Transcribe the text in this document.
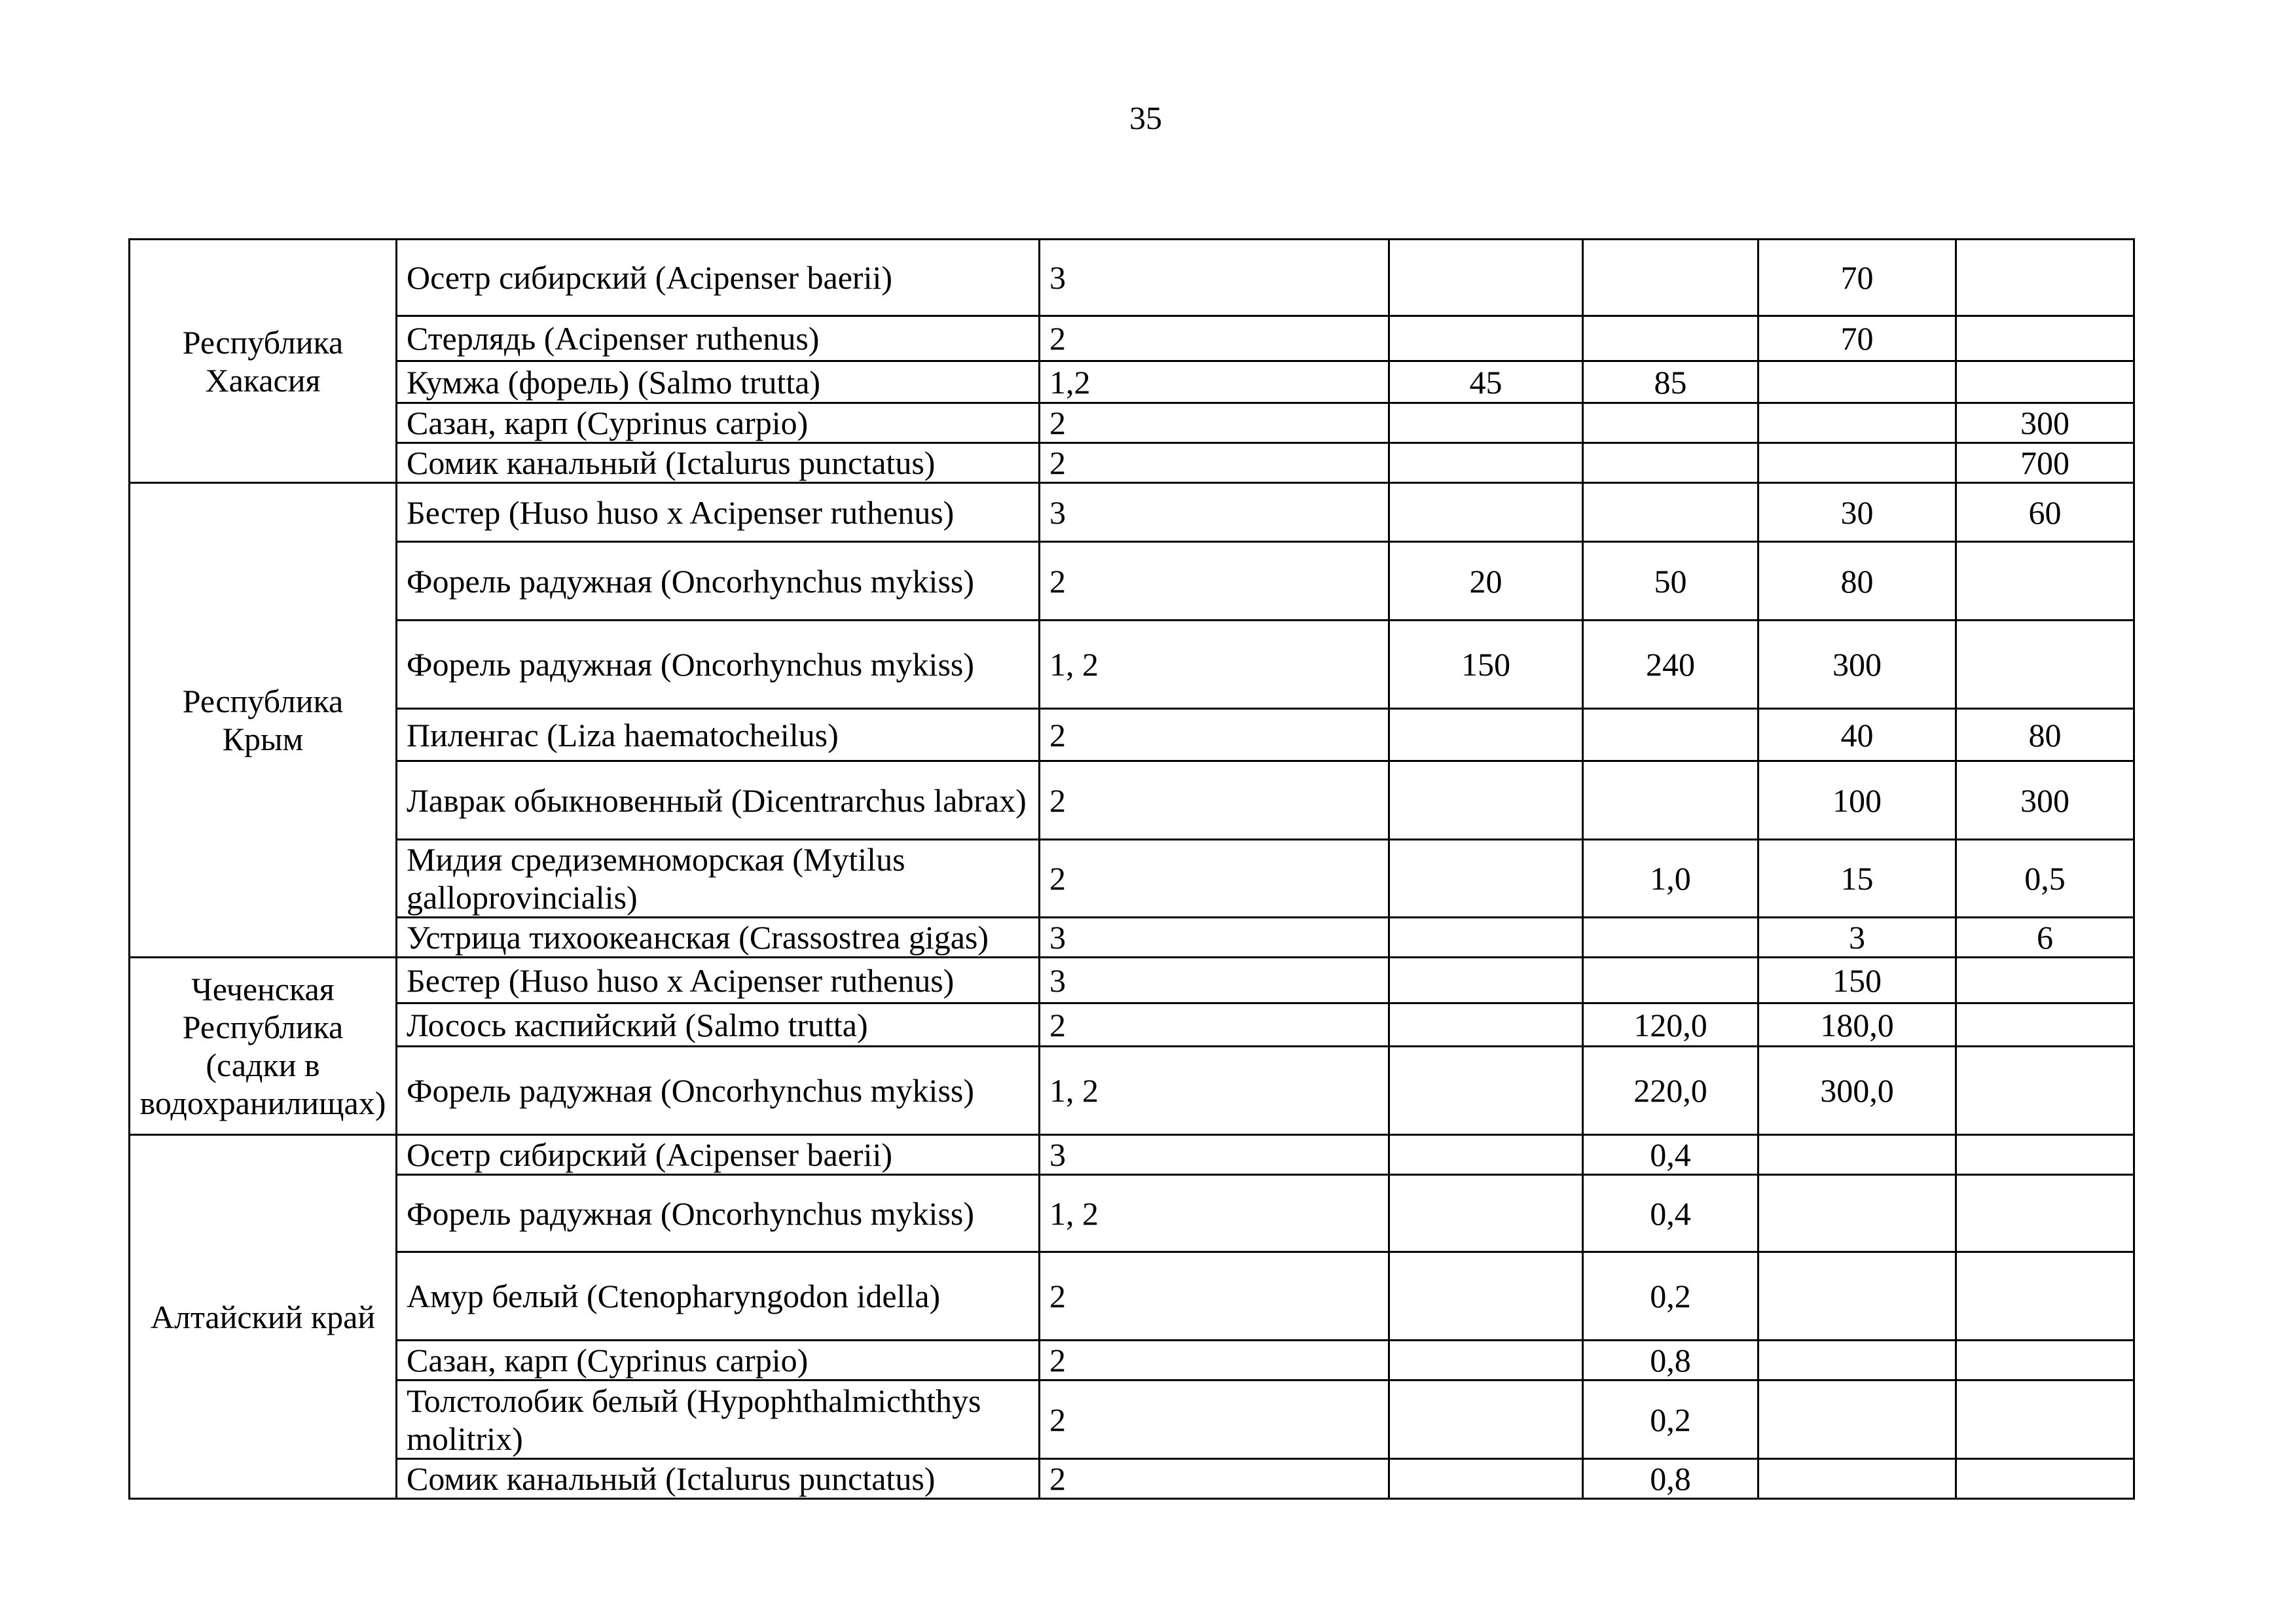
35
Республика Хакасия	Осетр сибирский (Acipenser baerii)	3			70	
	Стерлядь (Acipenser ruthenus)	2			70	
	Кумжа (форель) (Salmo trutta)	1,2	45	85		
	Сазан, карп (Cyprinus carpio)	2				300
	Сомик канальный (Ictalurus punctatus)	2				700
Республика Крым	Бестер (Huso huso x Acipenser ruthenus)	3			30	60
	Форель радужная (Oncorhynchus mykiss)	2	20	50	80	
	Форель радужная (Oncorhynchus mykiss)	1, 2	150	240	300	
	Пиленгас (Liza haematocheilus)	2			40	80
	Лаврак обыкновенный (Dicentrarchus labrax)	2			100	300
	Мидия средиземноморская (Mytilus galloprovincialis)	2		1,0	15	0,5
	Устрица тихоокеанская (Crassostrea gigas)	3			3	6
Чеченская Республика (садки в водохранилищах)	Бестер (Huso huso x Acipenser ruthenus)	3			150	
	Лосось каспийский (Salmo trutta)	2		120,0	180,0	
	Форель радужная (Oncorhynchus mykiss)	1, 2		220,0	300,0	
Алтайский край	Осетр сибирский (Acipenser baerii)	3		0,4		
	Форель радужная (Oncorhynchus mykiss)	1, 2		0,4		
	Амур белый (Ctenopharyngodon idella)	2		0,2		
	Сазан, карп (Cyprinus carpio)	2		0,8		
	Толстолобик белый (Hypophthalmicththys molitrix)	2		0,2		
	Сомик канальный (Ictalurus punctatus)	2		0,8		
